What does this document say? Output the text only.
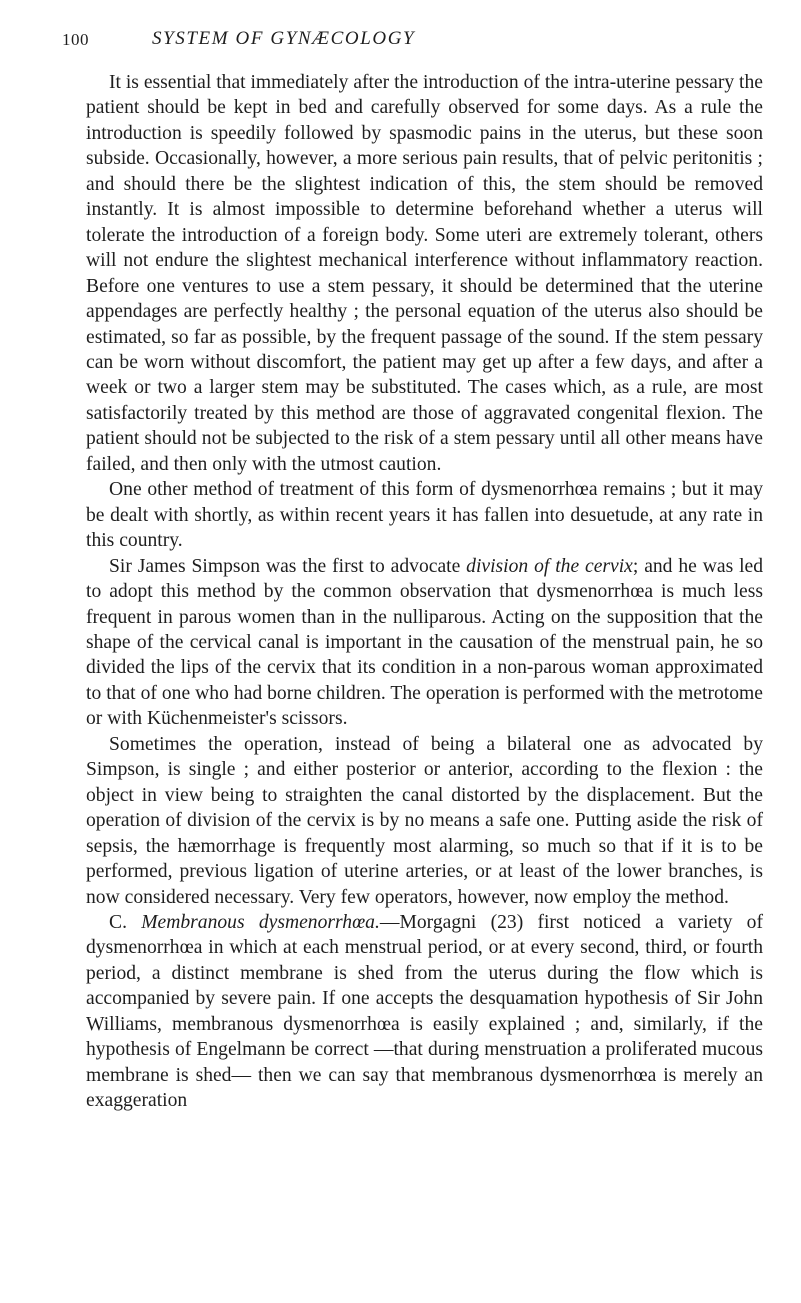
100	SYSTEM OF GYNÆCOLOGY

It is essential that immediately after the introduction of the intra-uterine pessary the patient should be kept in bed and carefully observed for some days. As a rule the introduction is speedily followed by spasmodic pains in the uterus, but these soon subside. Occasionally, however, a more serious pain results, that of pelvic peritonitis ; and should there be the slightest indication of this, the stem should be removed instantly. It is almost impossible to determine beforehand whether a uterus will tolerate the introduction of a foreign body. Some uteri are extremely tolerant, others will not endure the slightest mechanical interference without inflammatory reaction. Before one ventures to use a stem pessary, it should be determined that the uterine appendages are perfectly healthy ; the personal equation of the uterus also should be estimated, so far as possible, by the frequent passage of the sound. If the stem pessary can be worn without discomfort, the patient may get up after a few days, and after a week or two a larger stem may be substituted. The cases which, as a rule, are most satisfactorily treated by this method are those of aggravated congenital flexion. The patient should not be subjected to the risk of a stem pessary until all other means have failed, and then only with the utmost caution.

One other method of treatment of this form of dysmenorrhœa remains ; but it may be dealt with shortly, as within recent years it has fallen into desuetude, at any rate in this country.

Sir James Simpson was the first to advocate division of the cervix; and he was led to adopt this method by the common observation that dysmenorrhœa is much less frequent in parous women than in the nulliparous. Acting on the supposition that the shape of the cervical canal is important in the causation of the menstrual pain, he so divided the lips of the cervix that its condition in a non-parous woman approximated to that of one who had borne children. The operation is performed with the metrotome or with Küchenmeister's scissors.

Sometimes the operation, instead of being a bilateral one as advocated by Simpson, is single ; and either posterior or anterior, according to the flexion : the object in view being to straighten the canal distorted by the displacement. But the operation of division of the cervix is by no means a safe one. Putting aside the risk of sepsis, the hæmorrhage is frequently most alarming, so much so that if it is to be performed, previous ligation of uterine arteries, or at least of the lower branches, is now considered necessary. Very few operators, however, now employ the method.

C. Membranous dysmenorrhœa.—Morgagni (23) first noticed a variety of dysmenorrhœa in which at each menstrual period, or at every second, third, or fourth period, a distinct membrane is shed from the uterus during the flow which is accompanied by severe pain. If one accepts the desquamation hypothesis of Sir John Williams, membranous dysmenorrhœa is easily explained ; and, similarly, if the hypothesis of Engelmann be correct —that during menstruation a proliferated mucous membrane is shed— then we can say that membranous dysmenorrhœa is merely an exaggeration
